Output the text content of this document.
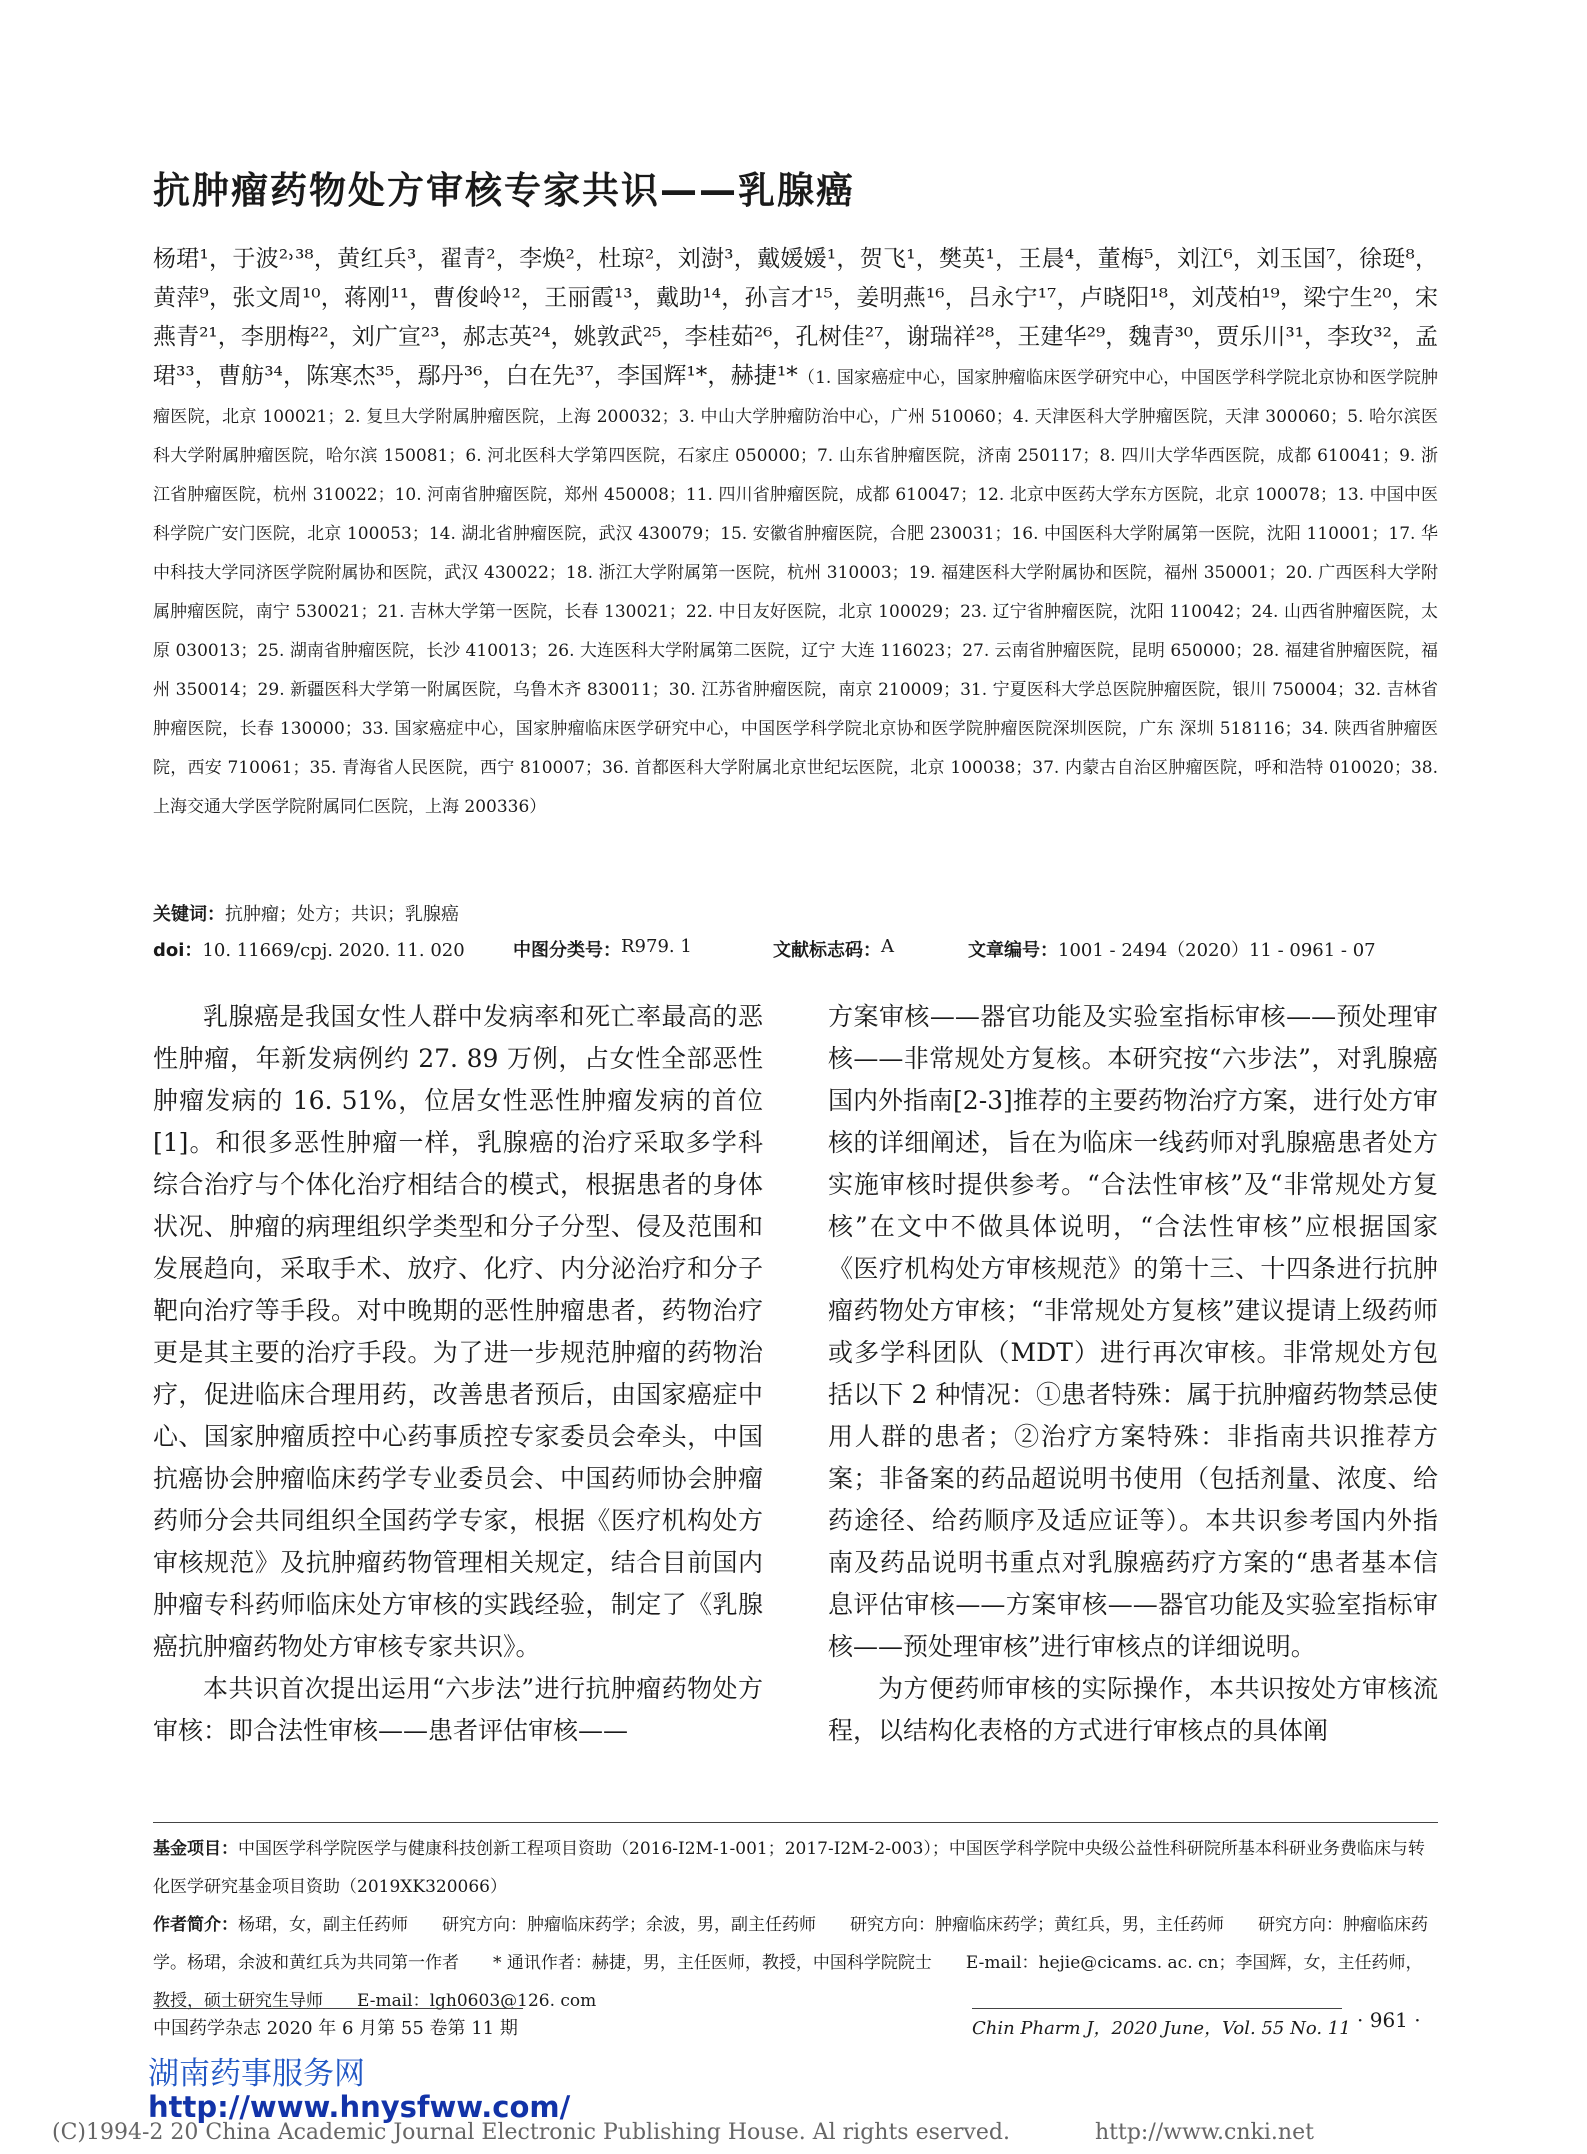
抗肿瘤药物处方审核专家共识——乳腺癌
杨珺¹，于波²˒³⁸，黄红兵³，翟青²，李焕²，杜琼²，刘澍³，戴媛媛¹，贺飞¹，樊英¹，王晨⁴，董梅⁵，刘江⁶，刘玉国⁷，徐珽⁸，黄萍⁹，张文周¹⁰，蒋刚¹¹，曹俊岭¹²，王丽霞¹³，戴助¹⁴，孙言才¹⁵，姜明燕¹⁶，吕永宁¹⁷，卢晓阳¹⁸，刘茂柏¹⁹，梁宁生²⁰，宋燕青²¹，李朋梅²²，刘广宣²³，郝志英²⁴，姚敦武²⁵，李桂茹²⁶，孔树佳²⁷，谢瑞祥²⁸，王建华²⁹，魏青³⁰，贾乐川³¹，李玫³²，孟珺³³，曹舫³⁴，陈寒杰³⁵，鄢丹³⁶，白在先³⁷，李国辉¹*，赫捷¹*（1. 国家癌症中心，国家肿瘤临床医学研究中心，中国医学科学院北京协和医学院肿瘤医院，北京 100021；2. 复旦大学附属肿瘤医院，上海 200032；3. 中山大学肿瘤防治中心，广州 510060；4. 天津医科大学肿瘤医院，天津 300060；5. 哈尔滨医科大学附属肿瘤医院，哈尔滨 150081；6. 河北医科大学第四医院，石家庄 050000；7. 山东省肿瘤医院，济南 250117；8. 四川大学华西医院，成都 610041；9. 浙江省肿瘤医院，杭州 310022；10. 河南省肿瘤医院，郑州 450008；11. 四川省肿瘤医院，成都 610047；12. 北京中医药大学东方医院，北京 100078；13. 中国中医科学院广安门医院，北京 100053；14. 湖北省肿瘤医院，武汉 430079；15. 安徽省肿瘤医院，合肥 230031；16. 中国医科大学附属第一医院，沈阳 110001；17. 华中科技大学同济医学院附属协和医院，武汉 430022；18. 浙江大学附属第一医院，杭州 310003；19. 福建医科大学附属协和医院，福州 350001；20. 广西医科大学附属肿瘤医院，南宁 530021；21. 吉林大学第一医院，长春 130021；22. 中日友好医院，北京 100029；23. 辽宁省肿瘤医院，沈阳 110042；24. 山西省肿瘤医院，太原 030013；25. 湖南省肿瘤医院，长沙 410013；26. 大连医科大学附属第二医院，辽宁 大连 116023；27. 云南省肿瘤医院，昆明 650000；28. 福建省肿瘤医院，福州 350014；29. 新疆医科大学第一附属医院，乌鲁木齐 830011；30. 江苏省肿瘤医院，南京 210009；31. 宁夏医科大学总医院肿瘤医院，银川 750004；32. 吉林省肿瘤医院，长春 130000；33. 国家癌症中心，国家肿瘤临床医学研究中心，中国医学科学院北京协和医学院肿瘤医院深圳医院，广东 深圳 518116；34. 陕西省肿瘤医院，西安 710061；35. 青海省人民医院，西宁 810007；36. 首都医科大学附属北京世纪坛医院，北京 100038；37. 内蒙古自治区肿瘤医院，呼和浩特 010020；38. 上海交通大学医学院附属同仁医院，上海 200336）
关键词：抗肿瘤；处方；共识；乳腺癌
doi：10. 11669/cpj. 2020. 11. 020	中图分类号： R979. 1	文献标志码： A	文章编号： 1001 - 2494（2020）11 - 0961 - 07

乳腺癌是我国女性人群中发病率和死亡率最高的恶性肿瘤，年新发病例约 27. 89 万例，占女性全部恶性肿瘤发病的 16. 51%，位居女性恶性肿瘤发病的首位[1]。和很多恶性肿瘤一样，乳腺癌的治疗采取多学科综合治疗与个体化治疗相结合的模式，根据患者的身体状况、肿瘤的病理组织学类型和分子分型、侵及范围和发展趋向，采取手术、放疗、化疗、内分泌治疗和分子靶向治疗等手段。对中晚期的恶性肿瘤患者，药物治疗更是其主要的治疗手段。为了进一步规范肿瘤的药物治疗，促进临床合理用药，改善患者预后，由国家癌症中心、国家肿瘤质控中心药事质控专家委员会牵头，中国抗癌协会肿瘤临床药学专业委员会、中国药师协会肿瘤药师分会共同组织全国药学专家，根据《医疗机构处方审核规范》及抗肿瘤药物管理相关规定，结合目前国内肿瘤专科药师临床处方审核的实践经验，制定了《乳腺癌抗肿瘤药物处方审核专家共识》。

本共识首次提出运用“六步法”进行抗肿瘤药物处方审核：即合法性审核——患者评估审核——

方案审核——器官功能及实验室指标审核——预处理审核——非常规处方复核。本研究按“六步法”，对乳腺癌国内外指南[2-3]推荐的主要药物治疗方案，进行处方审核的详细阐述，旨在为临床一线药师对乳腺癌患者处方实施审核时提供参考。“合法性审核”及“非常规处方复核”在文中不做具体说明，“合法性审核”应根据国家《医疗机构处方审核规范》的第十三、十四条进行抗肿瘤药物处方审核；“非常规处方复核”建议提请上级药师或多学科团队（MDT）进行再次审核。非常规处方包括以下 2 种情况：①患者特殊：属于抗肿瘤药物禁忌使用人群的患者；②治疗方案特殊：非指南共识推荐方案；非备案的药品超说明书使用（包括剂量、浓度、给药途径、给药顺序及适应证等）。本共识参考国内外指南及药品说明书重点对乳腺癌药疗方案的“患者基本信息评估审核——方案审核——器官功能及实验室指标审核——预处理审核”进行审核点的详细说明。

为方便药师审核的实际操作，本共识按处方审核流程，以结构化表格的方式进行审核点的具体阐

基金项目：中国医学科学院医学与健康科技创新工程项目资助（2016-I2M-1-001；2017-I2M-2-003）；中国医学科学院中央级公益性科研院所基本科研业务费临床与转化医学研究基金项目资助（2019XK320066）

作者简介：杨珺，女，副主任药师　　研究方向：肿瘤临床药学；余波，男，副主任药师　　研究方向：肿瘤临床药学；黄红兵，男，主任药师　　研究方向：肿瘤临床药学。杨珺，余波和黄红兵为共同第一作者　　* 通讯作者：赫捷，男，主任医师，教授，中国科学院院士　　E-mail：hejie@cicams. ac. cn；李国辉，女，主任药师，教授，硕士研究生导师　　E-mail：lgh0603@126. com

中国药学杂志 2020 年 6 月第 55 卷第 11 期	Chin Pharm J，2020 June，Vol. 55 No. 11 · 961 ·
湖南药事服务网
http://www.hnysfww.com/
(C)1994-2 20 China Academic Journal Electronic Publishing House. Al rights eserved.	http://www.cnki.net
